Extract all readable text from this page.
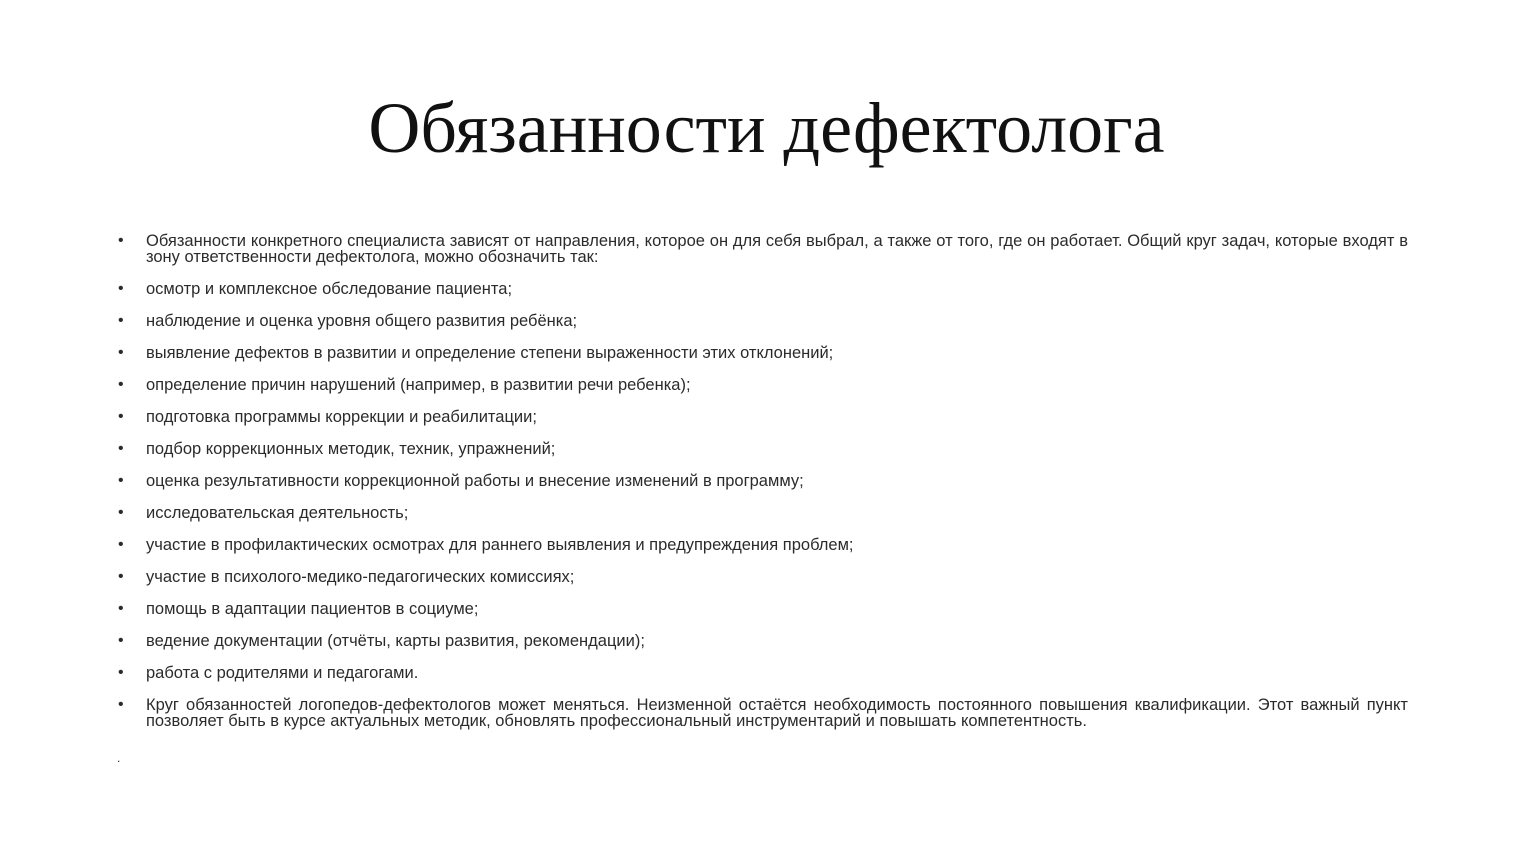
Обязанности дефектолога
•	Обязанности конкретного специалиста зависят от направления, которое он для себя выбрал, а также от того, где он работает. Общий круг задач, которые входят в зону ответственности дефектолога, можно обозначить так:
•	осмотр и комплексное обследование пациента;
•	наблюдение и оценка уровня общего развития ребёнка;
•	выявление дефектов в развитии и определение степени выраженности этих отклонений;
•	определение причин нарушений (например, в развитии речи ребенка);
•	подготовка программы коррекции и реабилитации;
•	подбор коррекционных методик, техник, упражнений;
•	оценка результативности коррекционной работы и внесение изменений в программу;
•	исследовательская деятельность;
•	участие в профилактических осмотрах для раннего выявления и предупреждения проблем;
•	участие в психолого-медико-педагогических комиссиях;
•	помощь в адаптации пациентов в социуме;
•	ведение документации (отчёты, карты развития, рекомендации);
•	работа с родителями и педагогами.
•	Круг обязанностей логопедов-дефектологов может меняться. Неизменной остаётся необходимость постоянного повышения квалификации. Этот важный пункт позволяет быть в курсе актуальных методик, обновлять профессиональный инструментарий и повышать компетентность.
.
